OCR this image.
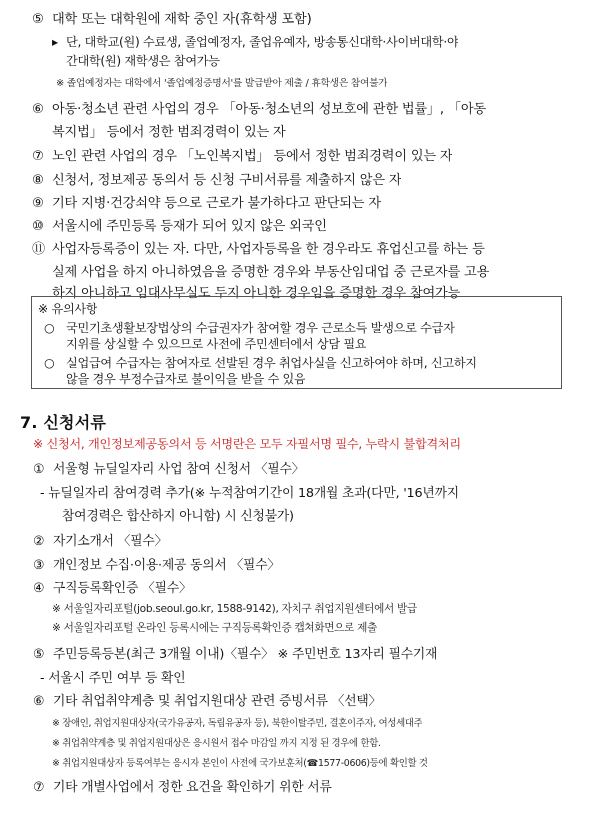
⑤ 대학 또는 대학원에 재학 중인 자(휴학생 포함)
▸ 단, 대학교(원) 수료생, 졸업예정자, 졸업유예자, 방송통신대학·사이버대학·야
간대학(원) 재학생은 참여가능
※ 졸업예정자는 대학에서 '졸업예정증명서'를 발급받아 제출 / 휴학생은 참여불가
⑥ 아동·청소년 관련 사업의 경우 「아동·청소년의 성보호에 관한 법률」, 「아동
복지법」 등에서 정한 범죄경력이 있는 자
⑦ 노인 관련 사업의 경우 「노인복지법」 등에서 정한 범죄경력이 있는 자
⑧ 신청서, 정보제공 동의서 등 신청 구비서류를 제출하지 않은 자
⑨ 기타 지병·건강쇠약 등으로 근로가 불가하다고 판단되는 자
⑩ 서울시에 주민등록 등재가 되어 있지 않은 외국인
⑪ 사업자등록증이 있는 자. 다만, 사업자등록을 한 경우라도 휴업신고를 하는 등
실제 사업을 하지 아니하였음을 증명한 경우와 부동산임대업 중 근로자를 고용
하지 아니하고 임대사무실도 두지 아니한 경우임을 증명한 경우 참여가능
※ 유의사항
○ 국민기초생활보장법상의 수급권자가 참여할 경우 근로소득 발생으로 수급자
지위를 상실할 수 있으므로 사전에 주민센터에서 상담 필요
○ 실업급여 수급자는 참여자로 선발된 경우 취업사실을 신고하여야 하며, 신고하지
않을 경우 부정수급자로 불이익을 받을 수 있음
7. 신청서류
※ 신청서, 개인정보제공동의서 등 서명란은 모두 자필서명 필수, 누락시 불합격처리
① 서울형 뉴딜일자리 사업 참여 신청서 〈필수〉
- 뉴딜일자리 참여경력 추가(※ 누적참여기간이 18개월 초과(다만, '16년까지
참여경력은 합산하지 아니함) 시 신청불가)
② 자기소개서 〈필수〉
③ 개인정보 수집·이용·제공 동의서 〈필수〉
④ 구직등록확인증 〈필수〉
※ 서울일자리포털(job.seoul.go.kr, 1588-9142), 자치구 취업지원센터에서 발급
※ 서울일자리포털 온라인 등록시에는 구직등록확인증 캡쳐화면으로 제출
⑤ 주민등록등본(최근 3개월 이내)〈필수〉 ※ 주민번호 13자리 필수기재
- 서울시 주민 여부 등 확인
⑥ 기타 취업취약계층 및 취업지원대상 관련 증빙서류 〈선택〉
※ 장애인, 취업지원대상자(국가유공자, 독립유공자 등), 북한이탈주민, 결혼이주자, 여성세대주
※ 취업취약계층 및 취업지원대상은 응시원서 접수 마감일 까지 지정 된 경우에 한함.
※ 취업지원대상자 등록여부는 응시자 본인이 사전에 국가보훈처(☎1577-0606)등에 확인할 것
⑦ 기타 개별사업에서 정한 요건을 확인하기 위한 서류
